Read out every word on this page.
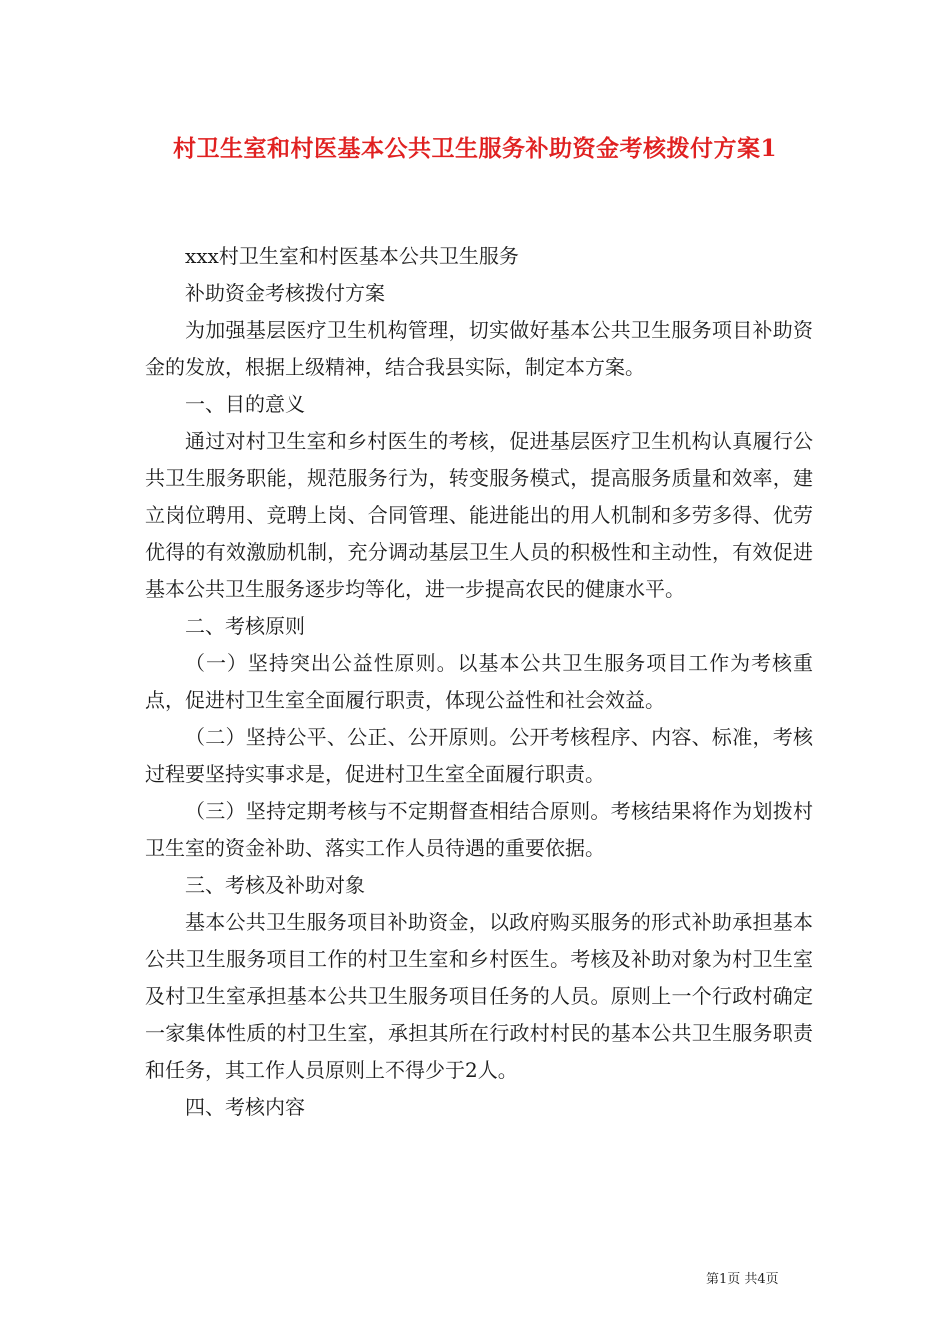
村卫生室和村医基本公共卫生服务补助资金考核拨付方案1

xxx村卫生室和村医基本公共卫生服务

补助资金考核拨付方案

为加强基层医疗卫生机构管理，切实做好基本公共卫生服务项目补助资金的发放，根据上级精神，结合我县实际，制定本方案。

一、目的意义

通过对村卫生室和乡村医生的考核，促进基层医疗卫生机构认真履行公共卫生服务职能，规范服务行为，转变服务模式，提高服务质量和效率，建立岗位聘用、竞聘上岗、合同管理、能进能出的用人机制和多劳多得、优劳优得的有效激励机制，充分调动基层卫生人员的积极性和主动性，有效促进基本公共卫生服务逐步均等化，进一步提高农民的健康水平。

二、考核原则

（一）坚持突出公益性原则。以基本公共卫生服务项目工作为考核重点，促进村卫生室全面履行职责，体现公益性和社会效益。

（二）坚持公平、公正、公开原则。公开考核程序、内容、标准，考核过程要坚持实事求是，促进村卫生室全面履行职责。

（三）坚持定期考核与不定期督查相结合原则。考核结果将作为划拨村卫生室的资金补助、落实工作人员待遇的重要依据。

三、考核及补助对象

基本公共卫生服务项目补助资金，以政府购买服务的形式补助承担基本公共卫生服务项目工作的村卫生室和乡村医生。考核及补助对象为村卫生室及村卫生室承担基本公共卫生服务项目任务的人员。原则上一个行政村确定一家集体性质的村卫生室，承担其所在行政村村民的基本公共卫生服务职责和任务，其工作人员原则上不得少于2人。

四、考核内容

第1页 共4页
